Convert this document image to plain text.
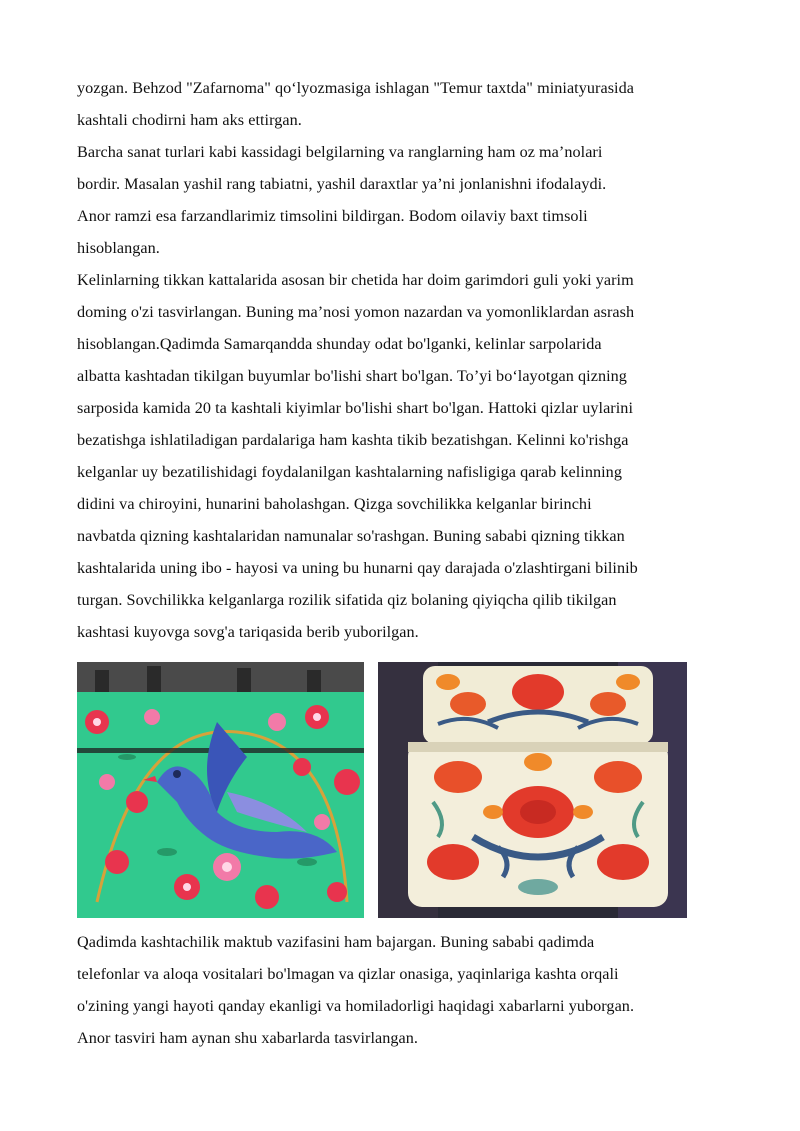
yozgan. Behzod "Zafarnoma" qo‘lyozmasiga ishlagan "Temur taxtda" miniatyurasida
kashtali chodirni ham aks ettirgan.
Barcha sanat turlari kabi kassidagi belgilarning va ranglarning ham oz ma’nolari
bordir. Masalan yashil rang tabiatni, yashil daraxtlar ya’ni jonlanishni ifodalaydi.
Anor ramzi esa farzandlarimiz timsolini bildirgan. Bodom oilaviy baxt timsoli
hisoblangan.
Kelinlarning tikkan kattalarida asosan bir chetida har doim garimdori guli yoki yarim
doming o'zi tasvirlangan. Buning ma’nosi yomon nazardan va yomonliklardan asrash
hisoblangan.Qadimda Samarqandda shunday odat bo'lganki, kelinlar sarpolarida
albatta kashtadan tikilgan buyumlar bo'lishi shart bo'lgan. To’yi bo‘layotgan qizning
sarposida kamida 20 ta kashtali kiyimlar bo'lishi shart bo'lgan. Hattoki qizlar uylarini
bezatishga ishlatiladigan pardalariga ham kashta tikib bezatishgan. Kelinni ko'rishga
kelganlar uy bezatilishidagi foydalanilgan kashtalarning nafisligiga qarab kelinning
didini va chiroyini, hunarini baholashgan. Qizga sovchilikka kelganlar birinchi
navbatda qizning kashtalaridan namunalar so'rashgan. Buning sababi qizning tikkan
kashtalarida uning ibo - hayosi va uning bu hunarni qay darajada o'zlashtirgani bilinib
turgan. Sovchilikka kelganlarga rozilik sifatida qiz bolaning qiyiqcha qilib tikilgan
kashtasi kuyovga sovg'a tariqasida berib yuborilgan.
Qadimda kashtachilik maktub vazifasini ham bajargan. Buning sababi qadimda
telefonlar va aloqa vositalari bo'lmagan va qizlar onasiga, yaqinlariga kashta orqali
o'zining yangi hayoti qanday ekanligi va homiladorligi haqidagi xabarlarni yuborgan.
Anor tasviri ham aynan shu xabarlarda tasvirlangan.
